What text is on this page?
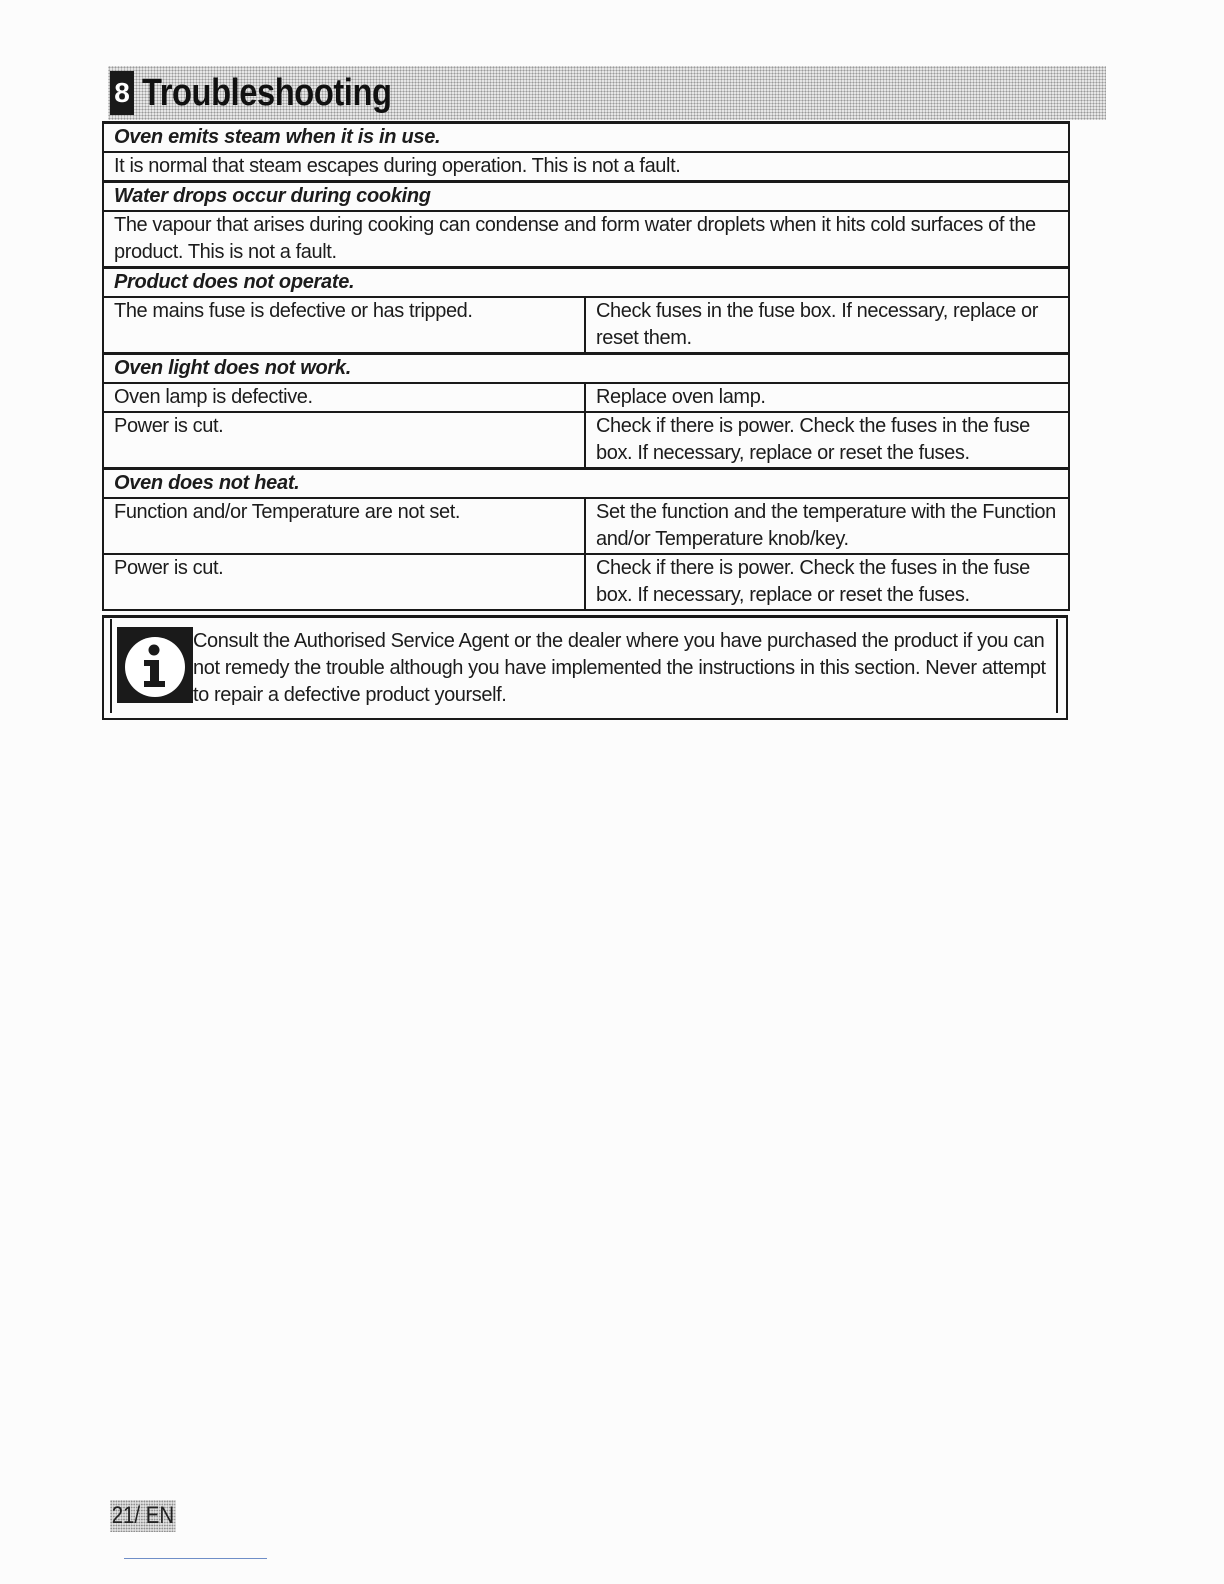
8 Troubleshooting
Oven emits steam when it is in use.	
It is normal that steam escapes during operation. This is not a fault.	
Water drops occur during cooking	
The vapour that arises during cooking can condense and form water droplets when it hits cold surfaces of the product. This is not a fault.	
Product does not operate.	
The mains fuse is defective or has tripped.	Check fuses in the fuse box. If necessary, replace or reset them.
Oven light does not work.	
Oven lamp is defective.	Replace oven lamp.
Power is cut.	Check if there is power. Check the fuses in the fuse box. If necessary, replace or reset the fuses.
Oven does not heat.	
Function and/or Temperature are not set.	Set the function and the temperature with the Function and/or Temperature knob/key.
Power is cut.	Check if there is power. Check the fuses in the fuse box. If necessary, replace or reset the fuses.
Consult the Authorised Service Agent or the dealer where you have purchased the product if you can not remedy the trouble although you have implemented the instructions in this section. Never attempt to repair a defective product yourself.
21/ EN
